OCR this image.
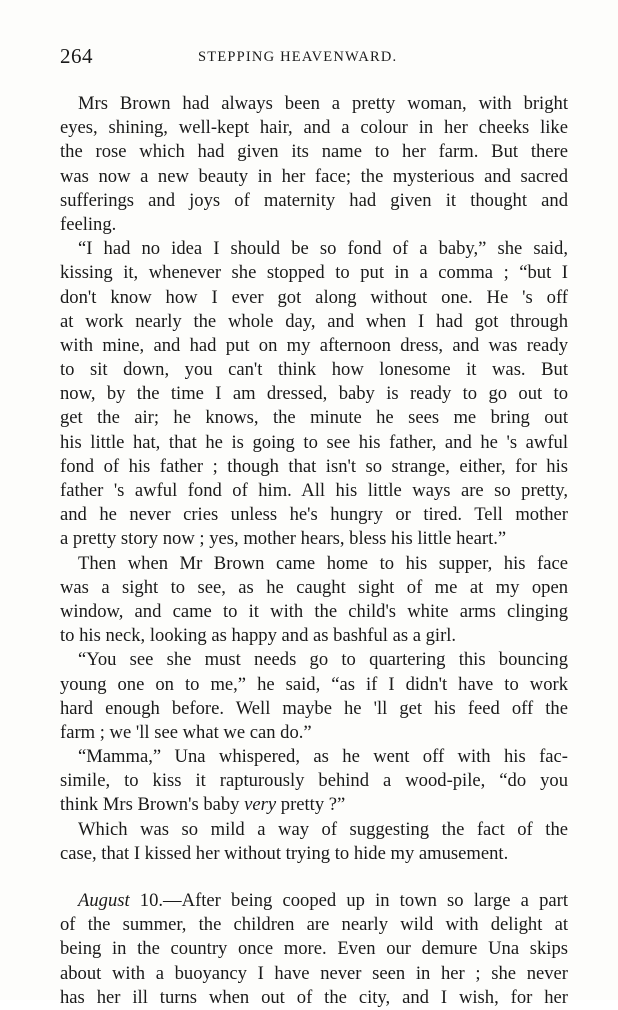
264	STEPPING HEAVENWARD.
Mrs Brown had always been a pretty woman, with bright
eyes, shining, well-kept hair, and a colour in her cheeks like
the rose which had given its name to her farm. But there
was now a new beauty in her face; the mysterious and sacred
sufferings and joys of maternity had given it thought and
feeling.
“I had no idea I should be so fond of a baby,” she said,
kissing it, whenever she stopped to put in a comma ; “but I
don't know how I ever got along without one. He 's off
at work nearly the whole day, and when I had got through
with mine, and had put on my afternoon dress, and was ready
to sit down, you can't think how lonesome it was. But
now, by the time I am dressed, baby is ready to go out to
get the air; he knows, the minute he sees me bring out
his little hat, that he is going to see his father, and he 's awful
fond of his father ; though that isn't so strange, either, for his
father 's awful fond of him. All his little ways are so pretty,
and he never cries unless he's hungry or tired. Tell mother
a pretty story now ; yes, mother hears, bless his little heart.”
Then when Mr Brown came home to his supper, his face
was a sight to see, as he caught sight of me at my open
window, and came to it with the child's white arms clinging
to his neck, looking as happy and as bashful as a girl.
“You see she must needs go to quartering this bouncing
young one on to me,” he said, “as if I didn't have to work
hard enough before. Well maybe he 'll get his feed off the
farm ; we 'll see what we can do.”
“Mamma,” Una whispered, as he went off with his fac-
simile, to kiss it rapturously behind a wood-pile, “do you
think Mrs Brown's baby very pretty ?”
Which was so mild a way of suggesting the fact of the
case, that I kissed her without trying to hide my amusement.
August 10.—After being cooped up in town so large a part
of the summer, the children are nearly wild with delight at
being in the country once more. Even our demure Una skips
about with a buoyancy I have never seen in her ; she never
has her ill turns when out of the city, and I wish, for her
